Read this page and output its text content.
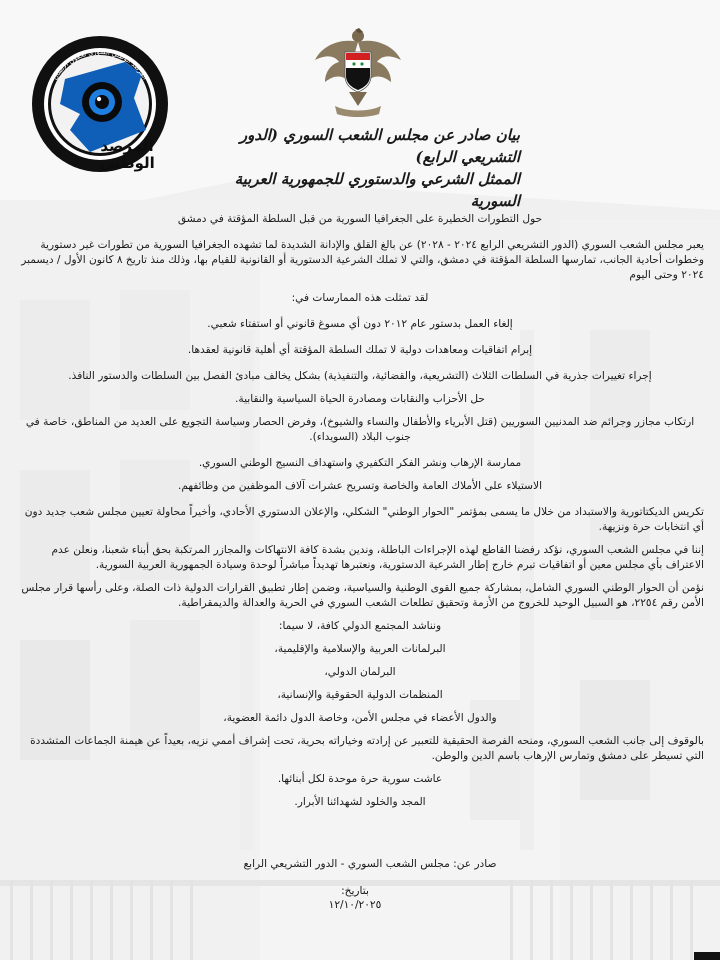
المرصد الوطني
المرصد الوطني السوري لحقوق الإنسان
بيان صادر عن مجلس الشعب السوري (الدور التشريعي الرابع)
الممثل الشرعي والدستوري للجمهورية العربية السورية

حول التطورات الخطيرة على الجغرافيا السورية من قبل السلطة المؤقتة في دمشق

يعبر مجلس الشعب السوري (الدور التشريعي الرابع ٢٠٢٤ - ٢٠٢٨) عن بالغ القلق والإدانة الشديدة لما تشهده الجغرافيا السورية من تطورات غير دستورية وخطوات أحادية الجانب، تمارسها السلطة المؤقتة في دمشق، والتي لا تملك الشرعية الدستورية أو القانونية للقيام بها، وذلك منذ تاريخ ٨ كانون الأول / ديسمبر ٢٠٢٤ وحتى اليوم

لقد تمثلت هذه الممارسات في:

إلغاء العمل بدستور عام ٢٠١٢ دون أي مسوغ قانوني أو استفتاء شعبي.

إبرام اتفاقيات ومعاهدات دولية لا تملك السلطة المؤقتة أي أهلية قانونية لعقدها.

إجراء تغييرات جذرية في السلطات الثلاث (التشريعية، والقضائية، والتنفيذية) بشكل يخالف مبادئ الفصل بين السلطات والدستور النافذ.

حل الأحزاب والنقابات ومصادرة الحياة السياسية والنقابية.

ارتكاب مجازر وجرائم ضد المدنيين السوريين (قتل الأبرياء والأطفال والنساء والشيوخ)، وفرض الحصار وسياسة التجويع على العديد من المناطق، خاصة في جنوب البلاد (السويداء).

ممارسة الإرهاب ونشر الفكر التكفيري واستهداف النسيج الوطني السوري.

الاستيلاء على الأملاك العامة والخاصة وتسريح عشرات آلاف الموظفين من وظائفهم.

تكريس الديكتاتورية والاستبداد من خلال ما يسمى بمؤتمر "الحوار الوطني" الشكلي، والإعلان الدستوري الأحادي، وأخيراً محاولة تعيين مجلس شعب جديد دون أي انتخابات حرة ونزيهة.

إننا في مجلس الشعب السوري، نؤكد رفضنا القاطع لهذه الإجراءات الباطلة، وندين بشدة كافة الانتهاكات والمجازر المرتكبة بحق أبناء شعبنا، ونعلن عدم الاعتراف بأي مجلس معين أو اتفاقيات تبرم خارج إطار الشرعية الدستورية، ونعتبرها تهديداً مباشراً لوحدة وسيادة الجمهورية العربية السورية.

نؤمن أن الحوار الوطني السوري الشامل، بمشاركة جميع القوى الوطنية والسياسية، وضمن إطار تطبيق القرارات الدولية ذات الصلة، وعلى رأسها قرار مجلس الأمن رقم ٢٢٥٤، هو السبيل الوحيد للخروج من الأزمة وتحقيق تطلعات الشعب السوري في الحرية والعدالة والديمقراطية.

ونناشد المجتمع الدولي كافة، لا سيما:

البرلمانات العربية والإسلامية والإقليمية،

البرلمان الدولي،

المنظمات الدولية الحقوقية والإنسانية،

والدول الأعضاء في مجلس الأمن، وخاصة الدول دائمة العضوية،

بالوقوف إلى جانب الشعب السوري، ومنحه الفرصة الحقيقية للتعبير عن إرادته وخياراته بحرية، تحت إشراف أممي نزيه، بعيداً عن هيمنة الجماعات المتشددة التي تسيطر على دمشق وتمارس الإرهاب باسم الدين والوطن.

عاشت سورية حرة موحدة لكل أبنائها.

المجد والخلود لشهدائنا الأبرار.

صادر عن: مجلس الشعب السوري - الدور التشريعي الرابع
بتاريخ:
١٢/١٠/٢٠٢٥
